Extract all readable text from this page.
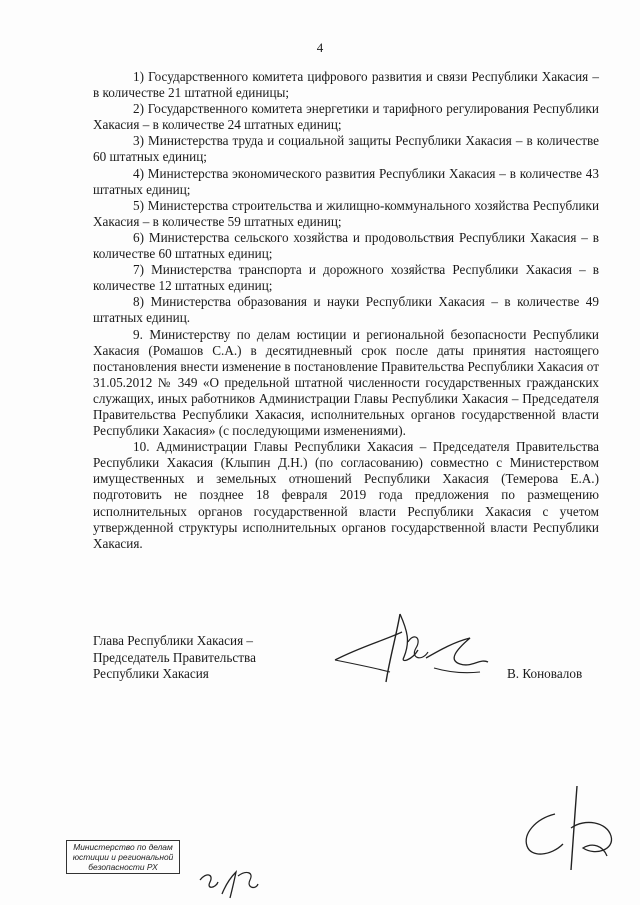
4

1) Государственного комитета цифрового развития и связи Республики Хакасия – в количестве 21 штатной единицы;

2) Государственного комитета энергетики и тарифного регулирования Республики Хакасия – в количестве 24 штатных единиц;

3) Министерства труда и социальной защиты Республики Хакасия – в количестве 60 штатных единиц;

4) Министерства экономического развития Республики Хакасия – в количестве 43 штатных единиц;

5) Министерства строительства и жилищно-коммунального хозяйства Республики Хакасия – в количестве 59 штатных единиц;

6) Министерства сельского хозяйства и продовольствия Республики Хакасия – в количестве 60 штатных единиц;

7) Министерства транспорта и дорожного хозяйства Республики Хакасия – в количестве 12 штатных единиц;

8) Министерства образования и науки Республики Хакасия – в количестве 49 штатных единиц.

9. Министерству по делам юстиции и региональной безопасности Республики Хакасия (Ромашов С.А.) в десятидневный срок после даты принятия настоящего постановления внести изменение в постановление Правительства Республики Хакасия от 31.05.2012 № 349 «О предельной штатной численности государственных гражданских служащих, иных работников Администрации Главы Республики Хакасия – Председателя Правительства Республики Хакасия, исполнительных органов государственной власти Республики Хакасия» (с последующими изменениями).

10. Администрации Главы Республики Хакасия – Председателя Правительства Республики Хакасия (Клыпин Д.Н.) (по согласованию) совместно с Министерством имущественных и земельных отношений Республики Хакасия (Темерова Е.А.) подготовить не позднее 18 февраля 2019 года предложения по размещению исполнительных органов государственной власти Республики Хакасия с учетом утвержденной структуры исполнительных органов государственной власти Республики Хакасия.

Глава Республики Хакасия –
Председатель Правительства
Республики Хакасия	В. Коновалов
Министерство по делам
юстиции и региональной
безопасности РХ
